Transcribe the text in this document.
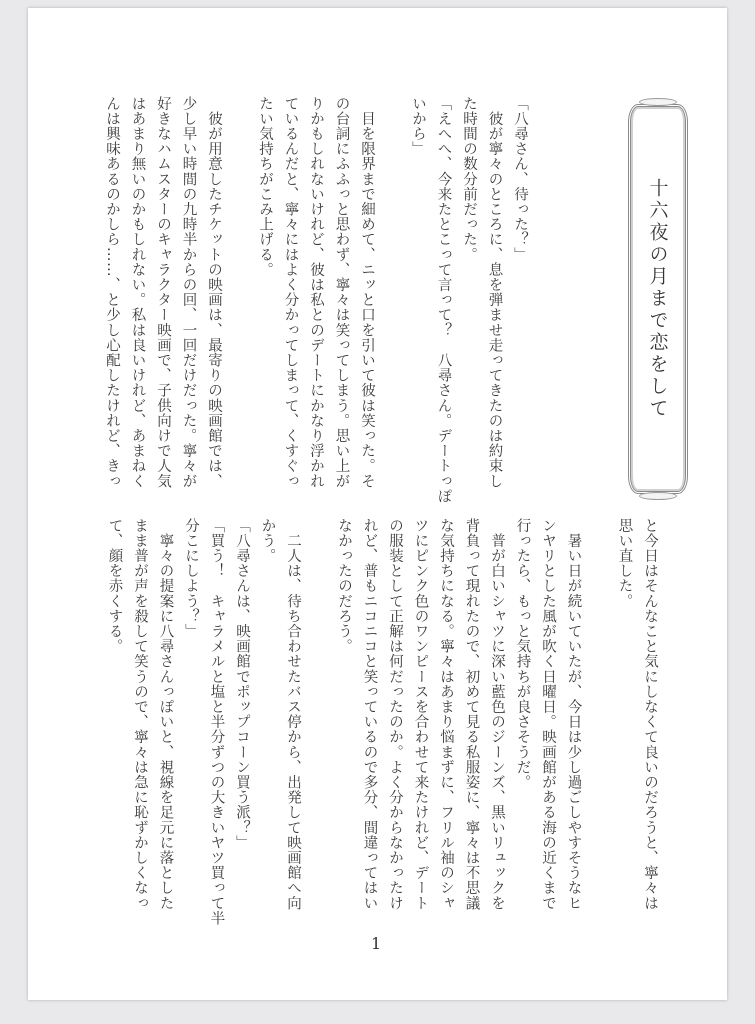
十六夜の月まで恋をして
1
「八尋さん、待った？」
　彼が寧々のところに、息を弾ませ走ってきたのは約束し
た時間の数分前だった。
「えへへ、今来たとこって言って？　八尋さん。デートっぽ
いから」
　目を限界まで細めて、ニッと口を引いて彼は笑った。そ
の台詞にふふっと思わず、寧々は笑ってしまう。思い上が
りかもしれないけれど、彼は私とのデートにかなり浮かれ
ているんだと、寧々にはよく分かってしまって、くすぐっ
たい気持ちがこみ上げる。
　彼が用意したチケットの映画は、最寄りの映画館では、
少し早い時間の九時半からの回、一回だけだった。寧々が
好きなハムスターのキャラクター映画で、子供向けで人気
はあまり無いのかもしれない。私は良いけれど、あまねく
んは興味あるのかしら……、と少し心配したけれど、きっ
と今日はそんなこと気にしなくて良いのだろうと、寧々は
思い直した。
　暑い日が続いていたが、今日は少し過ごしやすそうなヒ
ンヤリとした風が吹く日曜日。映画館がある海の近くまで
行ったら、もっと気持ちが良さそうだ。
　普が白いシャツに深い藍色のジーンズ、黒いリュックを
背負って現れたので、初めて見る私服姿に、寧々は不思議
な気持ちになる。寧々はあまり悩まずに、フリル袖のシャ
ツにピンク色のワンピースを合わせて来たけれど、デート
の服装として正解は何だったのか。よく分からなかったけ
れど、普もニコニコと笑っているので多分、間違ってはい
なかったのだろう。
　二人は、待ち合わせたバス停から、出発して映画館へ向
かう。
「八尋さんは、映画館でポップコーン買う派？」
「買う！　キャラメルと塩と半分ずつの大きいヤツ買って半
分こにしよう？」
　寧々の提案に八尋さんっぽいと、視線を足元に落とした
まま普が声を殺して笑うので、寧々は急に恥ずかしくなっ
て、顔を赤くする。
